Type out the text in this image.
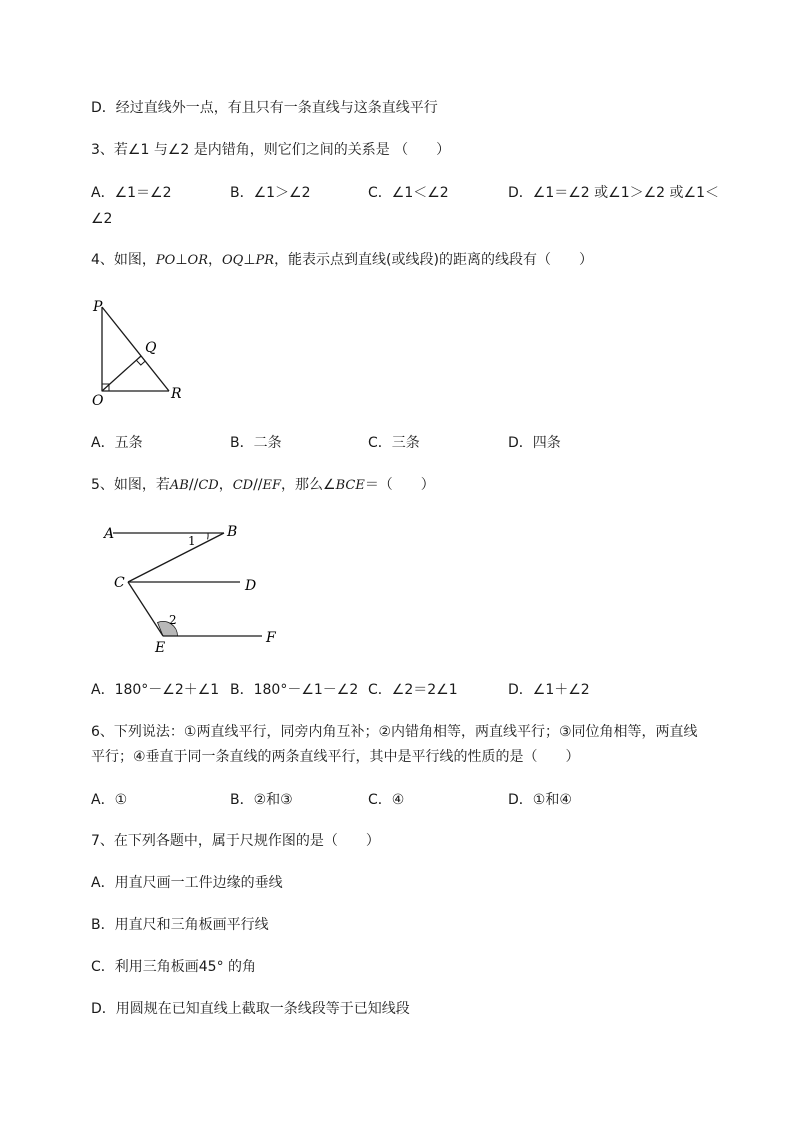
D．经过直线外一点，有且只有一条直线与这条直线平行
3、若∠1 与∠2 是内错角，则它们之间的关系是 （　　）
A．∠1＝∠2	B．∠1＞∠2	C．∠1＜∠2	D．∠1＝∠2 或∠1＞∠2 或∠1＜
∠2
4、如图，PO⊥OR，OQ⊥PR，能表示点到直线(或线段)的距离的线段有（　　）
P
Q
O	R
A．五条	B．二条	C．三条	D．四条
5、如图，若AB//CD，CD//EF，那么∠BCE＝（　　）
A	B
1
C	D
2
E
F
A．180°－∠2＋∠1 B．180°－∠1－∠2 C．∠2＝2∠1	D．∠1＋∠2
6、下列说法：①两直线平行，同旁内角互补；②内错角相等，两直线平行；③同位角相等，两直线
平行；④垂直于同一条直线的两条直线平行，其中是平行线的性质的是（　　）
A．①	B．②和③	C．④	D．①和④
7、在下列各题中，属于尺规作图的是（　　）
A．用直尺画一工件边缘的垂线
B．用直尺和三角板画平行线
C．利用三角板画45° 的角
D．用圆规在已知直线上截取一条线段等于已知线段
